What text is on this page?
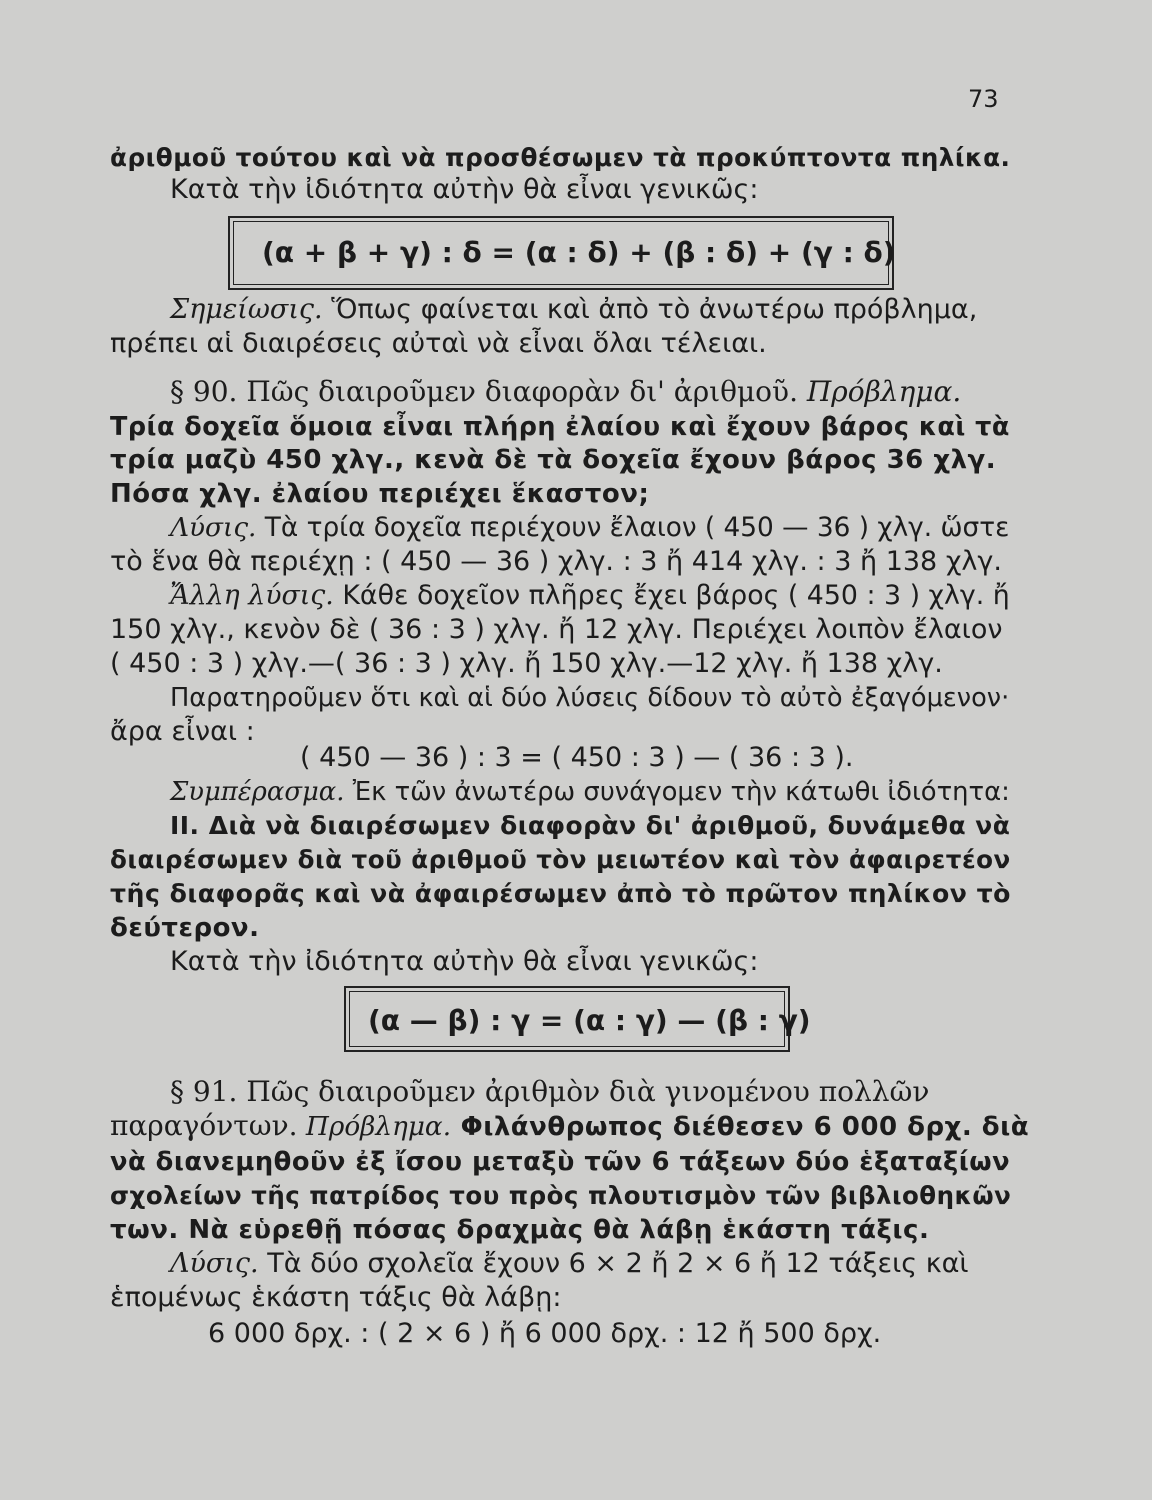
73
ἀριθμοῦ τούτου καὶ νὰ προσθέσωμεν τὰ προκύπτοντα πηλίκα.
Κατὰ τὴν ἰδιότητα αὐτὴν θὰ εἶναι γενικῶς:
(α + β + γ) : δ = (α : δ) + (β : δ) + (γ : δ)
Σημείωσις. Ὅπως φαίνεται καὶ ἀπὸ τὸ ἀνωτέρω πρόβλημα,
πρέπει αἱ διαιρέσεις αὐταὶ νὰ εἶναι ὅλαι τέλειαι.
§ 90. Πῶς διαιροῦμεν διαφορὰν δι' ἀριθμοῦ. Πρόβλημα.
Τρία δοχεῖα ὅμοια εἶναι πλήρη ἐλαίου καὶ ἔχουν βάρος καὶ τὰ
τρία μαζὺ 450 χλγ., κενὰ δὲ τὰ δοχεῖα ἔχουν βάρος 36 χλγ.
Πόσα χλγ. ἐλαίου περιέχει ἕκαστον;
Λύσις. Τὰ τρία δοχεῖα περιέχουν ἔλαιον ( 450 — 36 ) χλγ. ὥστε
τὸ ἕνα θὰ περιέχῃ : ( 450 — 36 ) χλγ. : 3 ἤ 414 χλγ. : 3 ἤ 138 χλγ.
Ἄλλη λύσις. Κάθε δοχεῖον πλῆρες ἔχει βάρος ( 450 : 3 ) χλγ. ἤ
150 χλγ., κενὸν δὲ ( 36 : 3 ) χλγ. ἤ 12 χλγ. Περιέχει λοιπὸν ἔλαιον
( 450 : 3 ) χλγ.—( 36 : 3 ) χλγ. ἤ 150 χλγ.—12 χλγ. ἤ 138 χλγ.
Παρατηροῦμεν ὅτι καὶ αἱ δύο λύσεις δίδουν τὸ αὐτὸ ἐξαγόμενον·
ἄρα εἶναι :
( 450 — 36 ) : 3 = ( 450 : 3 ) — ( 36 : 3 ).
Συμπέρασμα. Ἐκ τῶν ἀνωτέρω συνάγομεν τὴν κάτωθι ἰδιότητα:
II. Διὰ νὰ διαιρέσωμεν διαφορὰν δι' ἀριθμοῦ, δυνάμεθα νὰ
διαιρέσωμεν διὰ τοῦ ἀριθμοῦ τὸν μειωτέον καὶ τὸν ἀφαιρετέον
τῆς διαφορᾶς καὶ νὰ ἀφαιρέσωμεν ἀπὸ τὸ πρῶτον πηλίκον τὸ
δεύτερον.
Κατὰ τὴν ἰδιότητα αὐτὴν θὰ εἶναι γενικῶς:
(α — β) : γ = (α : γ) — (β : γ)
§ 91. Πῶς διαιροῦμεν ἀριθμὸν διὰ γινομένου πολλῶν
παραγόντων. Πρόβλημα. Φιλάνθρωπος διέθεσεν 6 000 δρχ. διὰ
νὰ διανεμηθοῦν ἐξ ἴσου μεταξὺ τῶν 6 τάξεων δύο ἑξαταξίων
σχολείων τῆς πατρίδος του πρὸς πλουτισμὸν τῶν βιβλιοθηκῶν
των. Νὰ εὑρεθῇ πόσας δραχμὰς θὰ λάβῃ ἑκάστη τάξις.
Λύσις. Τὰ δύο σχολεῖα ἔχουν 6 × 2 ἤ 2 × 6 ἤ 12 τάξεις καὶ
ἑπομένως ἑκάστη τάξις θὰ λάβῃ:
6 000 δρχ. : ( 2 × 6 ) ἤ 6 000 δρχ. : 12 ἤ 500 δρχ.
